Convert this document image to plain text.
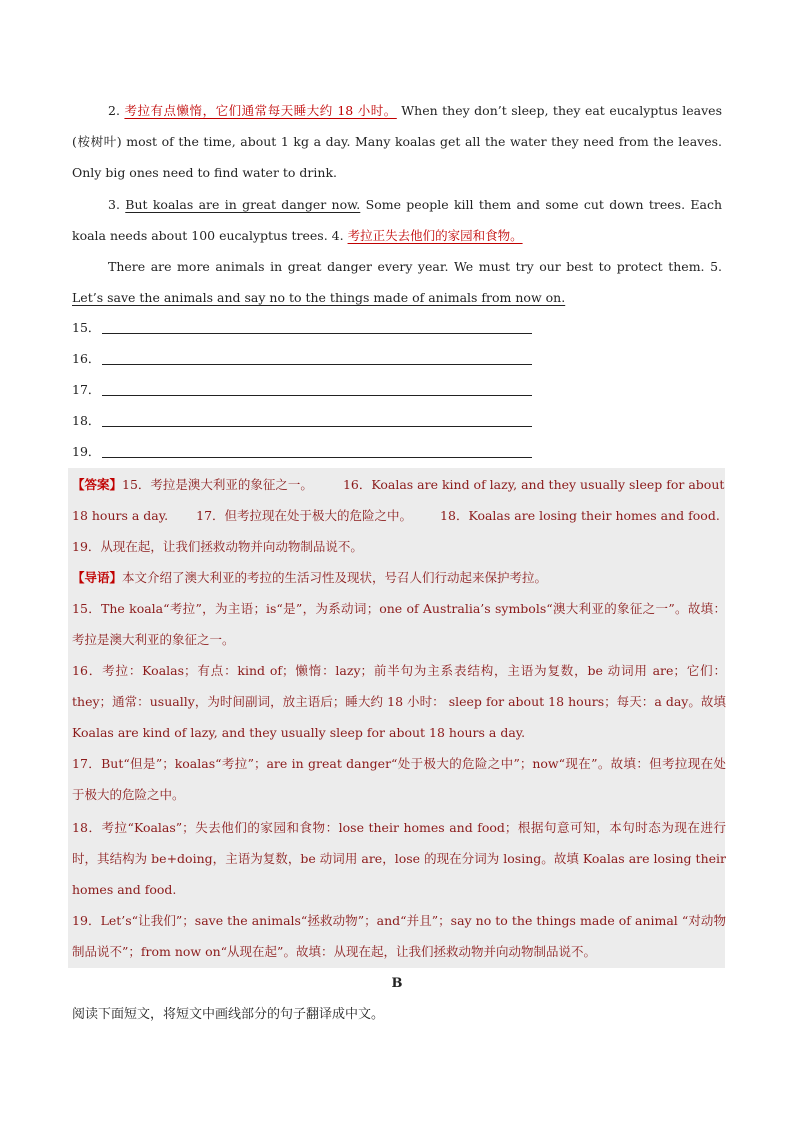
2. 考拉有点懒惰，它们通常每天睡大约 18 小时。 When they don’t sleep, they eat eucalyptus leaves (桉树叶) most of the time, about 1 kg a day. Many koalas get all the water they need from the leaves. Only big ones need to find water to drink.
3. But koalas are in great danger now. Some people kill them and some cut down trees. Each koala needs about 100 eucalyptus trees. 4. 考拉正失去他们的家园和食物。
There are more animals in great danger every year. We must try our best to protect them. 5. Let’s save the animals and say no to the things made of animals from now on.
15．
16．
17．
18．
19．
【答案】15．考拉是澳大利亚的象征之一。 16．Koalas are kind of lazy, and they usually sleep for about
18 hours a day. 17．但考拉现在处于极大的危险之中。 18．Koalas are losing their homes and food.
19．从现在起，让我们拯救动物并向动物制品说不。
【导语】本文介绍了澳大利亚的考拉的生活习性及现状，号召人们行动起来保护考拉。
15．The koala“考拉”，为主语；is“是”，为系动词；one of Australia’s symbols“澳大利亚的象征之一”。故填：考拉是澳大利亚的象征之一。
16．考拉：Koalas；有点：kind of；懒惰：lazy；前半句为主系表结构，主语为复数，be 动词用 are；它们：they；通常：usually，为时间副词，放主语后；睡大约 18 小时： sleep for about 18 hours；每天：a day。故填 Koalas are kind of lazy, and they usually sleep for about 18 hours a day.
17．But“但是”；koalas“考拉”；are in great danger“处于极大的危险之中”；now“现在”。故填：但考拉现在处于极大的危险之中。
18．考拉“Koalas”；失去他们的家园和食物：lose their homes and food；根据句意可知，本句时态为现在进行时，其结构为 be+doing，主语为复数，be 动词用 are，lose 的现在分词为 losing。故填 Koalas are losing their homes and food.
19．Let’s“让我们”；save the animals“拯救动物”；and“并且”；say no to the things made of animal “对动物制品说不”；from now on“从现在起”。故填：从现在起，让我们拯救动物并向动物制品说不。
B
阅读下面短文，将短文中画线部分的句子翻译成中文。
